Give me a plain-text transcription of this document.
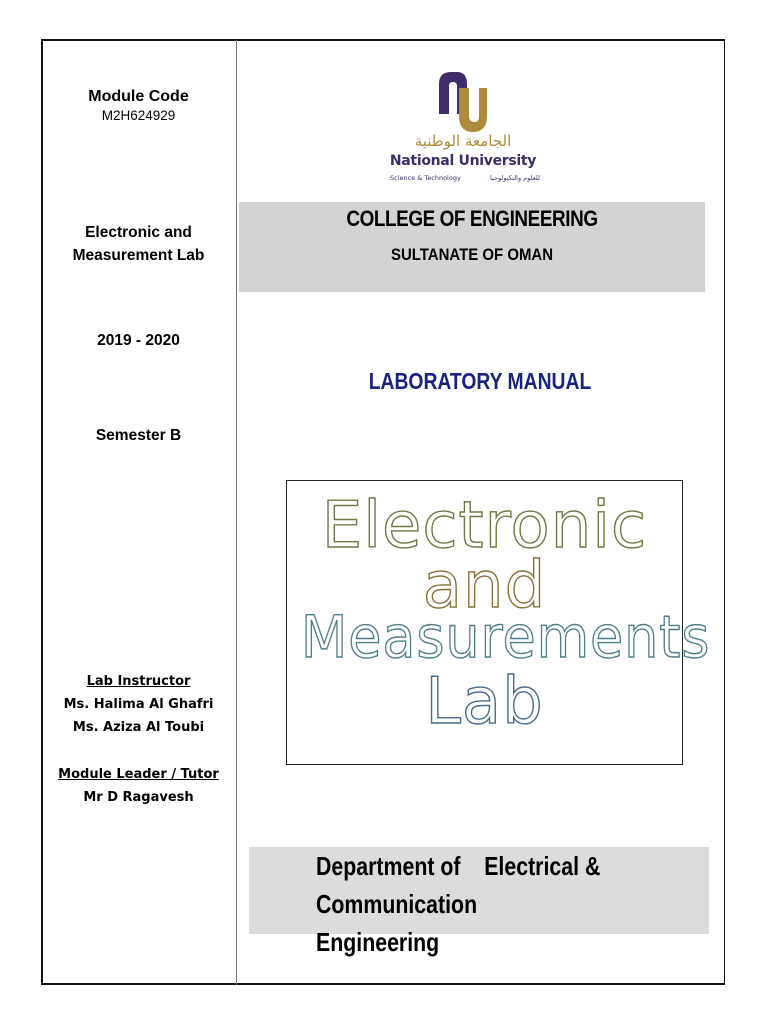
Module Code
M2H624929
Electronic and
Measurement Lab
2019 - 2020
Semester B
Lab Instructor
Ms. Halima Al Ghafri
Ms. Aziza Al Toubi
Module Leader / Tutor
Mr D Ragavesh
الجامعة الوطنية
National University
Science & Technology	للعلوم والتكنولوجيا
COLLEGE OF ENGINEERING
SULTANATE OF OMAN
LABORATORY MANUAL
Electronic
and
Measurements
Lab
Department of    Electrical &
Communication
Engineering
